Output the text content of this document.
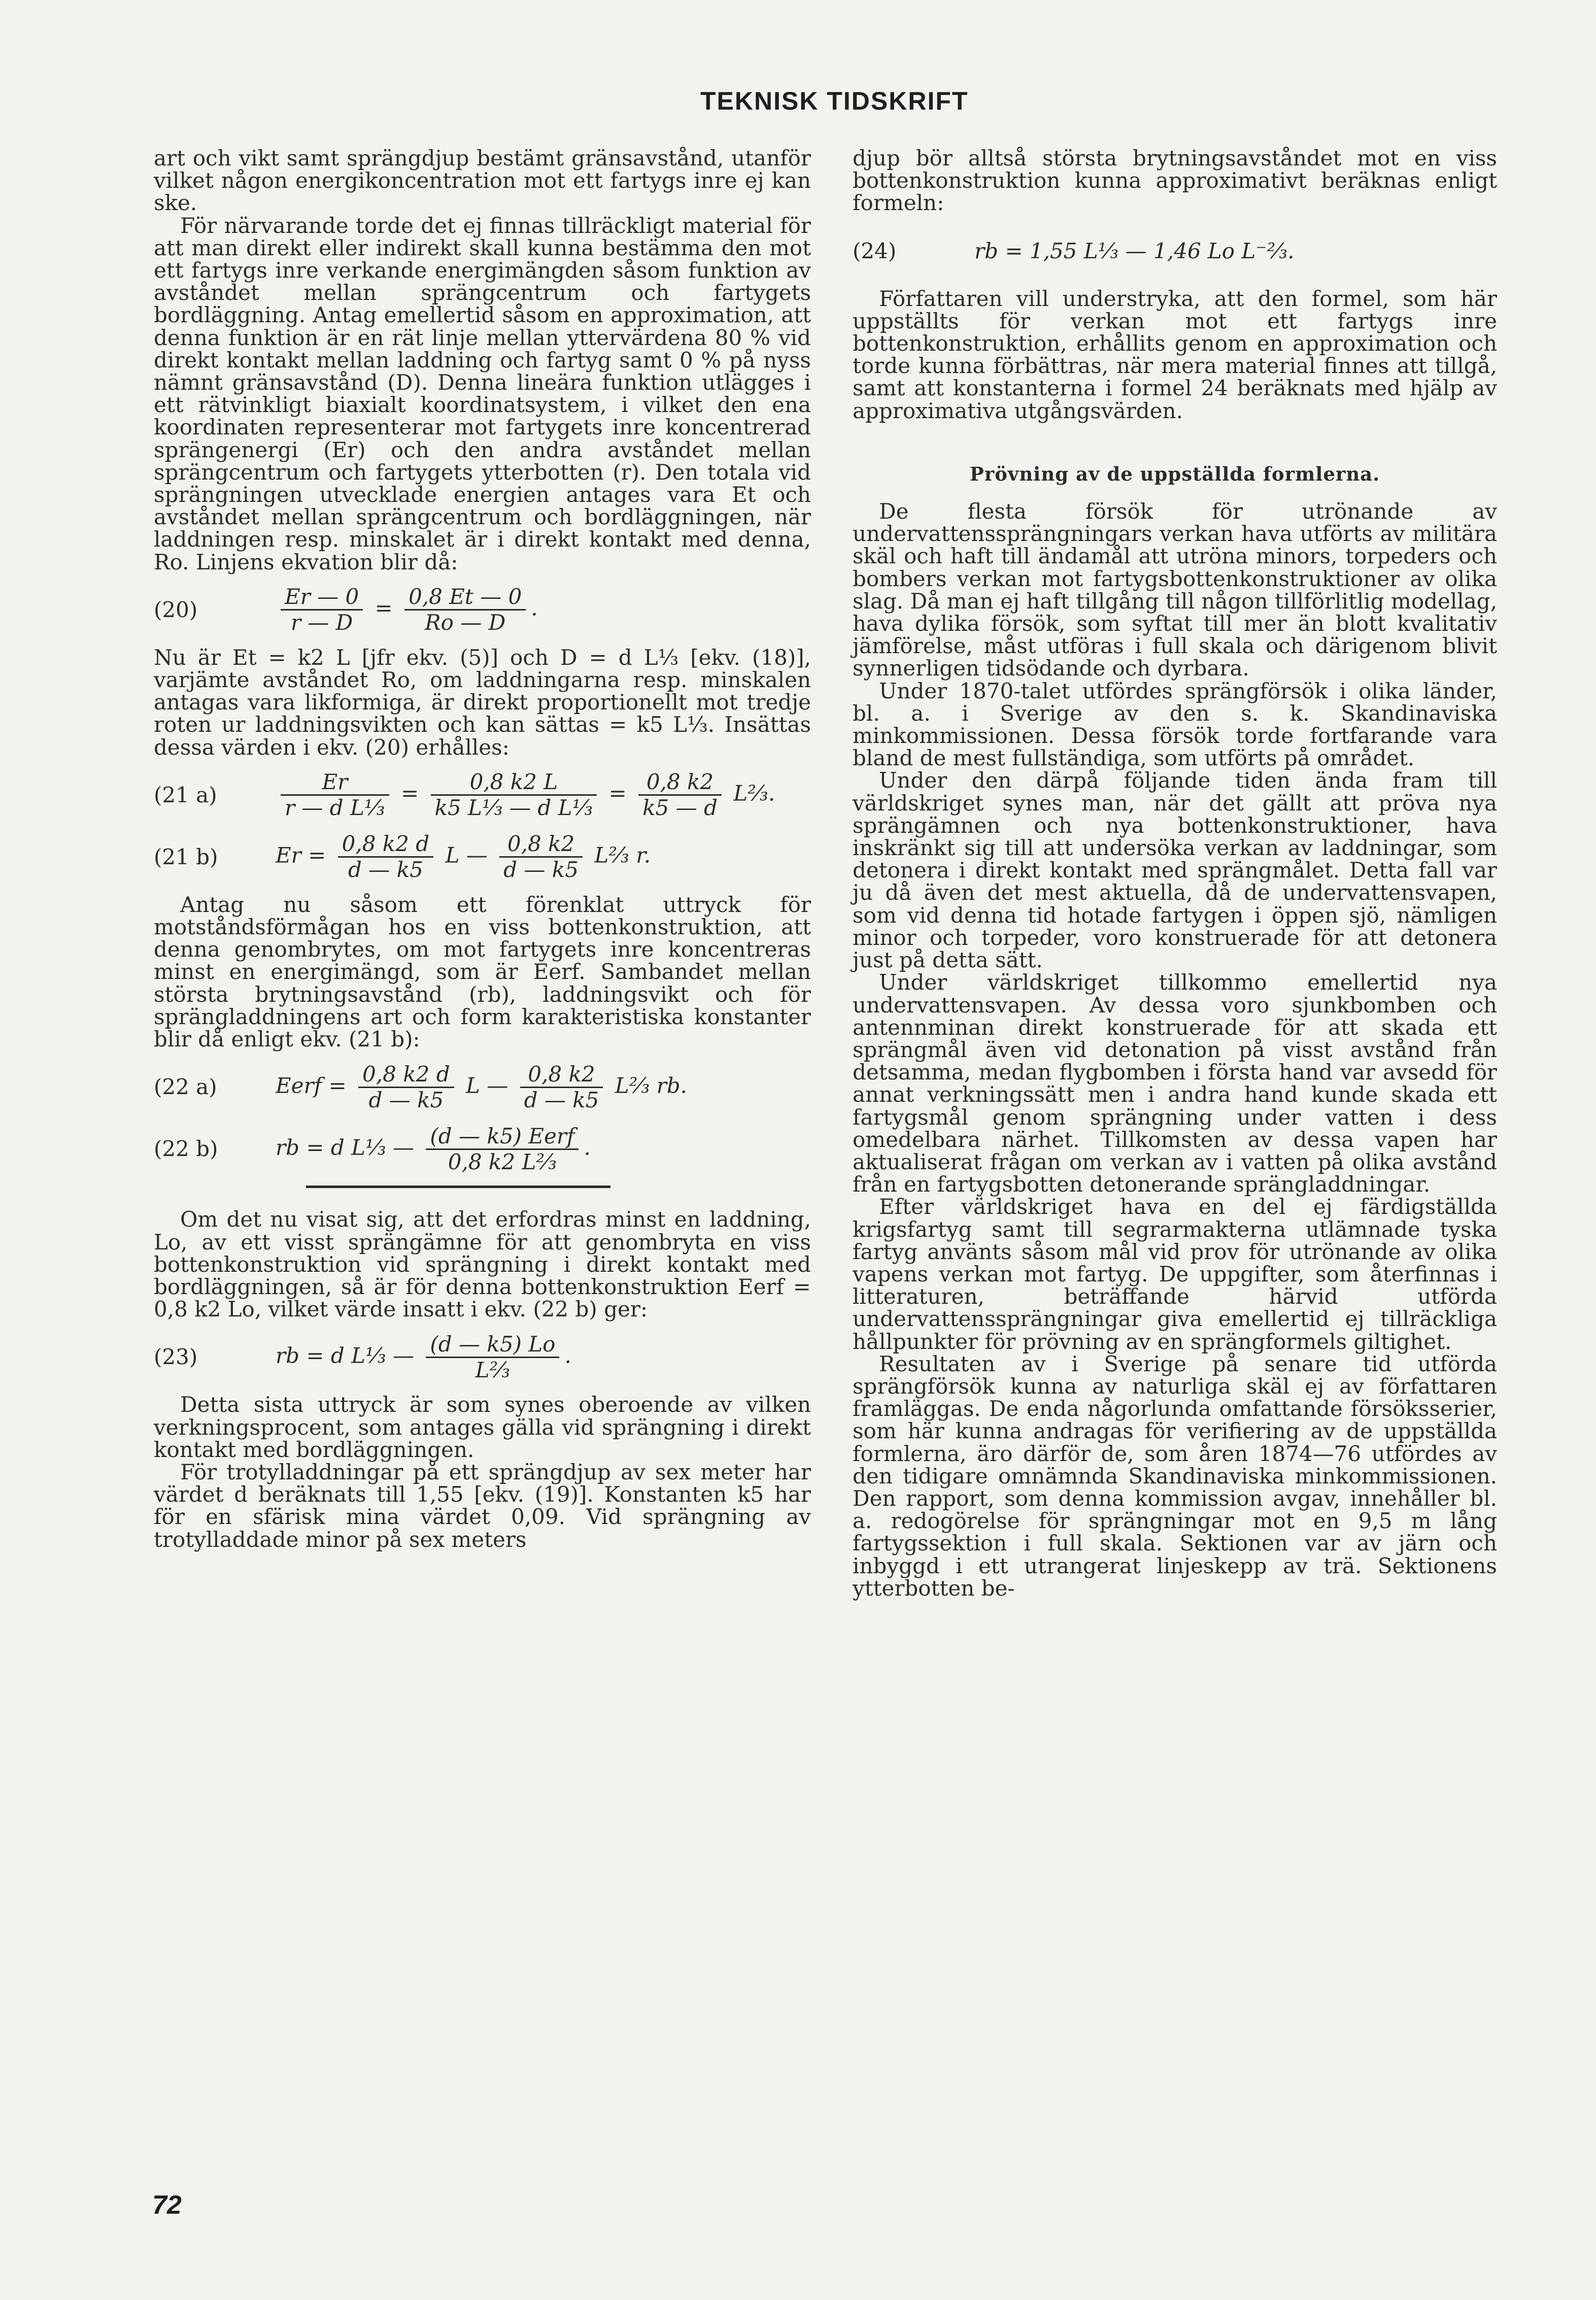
TEKNISK TIDSKRIFT

art och vikt samt sprängdjup bestämt gränsavstånd, utanför vilket någon energikoncentration mot ett fartygs inre ej kan ske.

För närvarande torde det ej finnas tillräckligt material för att man direkt eller indirekt skall kunna bestämma den mot ett fartygs inre verkande energimängden såsom funktion av avståndet mellan sprängcentrum och fartygets bordläggning. Antag emellertid såsom en approximation, att denna funktion är en rät linje mellan yttervärdena 80 % vid direkt kontakt mellan laddning och fartyg samt 0 % på nyss nämnt gränsavstånd (D). Denna lineära funktion utlägges i ett rätvinkligt biaxialt koordinatsystem, i vilket den ena koordinaten representerar mot fartygets inre koncentrerad sprängenergi (Er) och den andra avståndet mellan sprängcentrum och fartygets ytterbotten (r). Den totala vid sprängningen utvecklade energien antages vara Et och avståndet mellan sprängcentrum och bordläggningen, när laddningen resp. minskalet är i direkt kontakt med denna, Ro. Linjens ekvation blir då:

(20)	$\frac{Er — 0}{r — D} = \frac{0,8 Et — 0}{Ro — D}$ .

Nu är Et = k2 L [jfr ekv. (5)] och D = d L⅓ [ekv. (18)], varjämte avståndet Ro, om laddningarna resp. minskalen antagas vara likformiga, är direkt proportionellt mot tredje roten ur laddningsvikten och kan sättas = k5 L⅓. Insättas dessa värden i ekv. (20) erhålles:

(21 a)	$\frac{Er}{\text{r — d L⅓}} = \frac{0,8 k2 L}{\text{k5 L⅓ — d L⅓}} = \frac{0,8 k2}{k5 — d}$ L⅔.
(21 b)	$Er = \frac{0,8 k2 d}{d — k5}$ L — $\frac{0,8 k2}{d — k5}$ L⅔ r.

Antag nu såsom ett förenklat uttryck för motståndsförmågan hos en viss bottenkonstruktion, att denna genombrytes, om mot fartygets inre koncentreras minst en energimängd, som är Eerf. Sambandet mellan största brytningsavstånd (rb), laddningsvikt och för sprängladdningens art och form karakteristiska konstanter blir då enligt ekv. (21 b):

(22 a)	Eerf = $\frac{0,8 k2 d}{d — k5}$ L — $\frac{0,8 k2}{d — k5}$ L⅔ rb.
(22 b)	rb = d L⅓ — $\frac{\text{(d — k5) Eerf}}{\text{0,8 k2 L⅔}}$ .

Om det nu visat sig, att det erfordras minst en laddning, Lo, av ett visst sprängämne för att genombryta en viss bottenkonstruktion vid sprängning i direkt kontakt med bordläggningen, så är för denna bottenkonstruktion Eerf = 0,8 k2 Lo, vilket värde insatt i ekv. (22 b) ger:

(23)	rb = d L⅓ — $\frac{(d — k5) Lo}{\text{L⅔}}$ .

Detta sista uttryck är som synes oberoende av vilken verkningsprocent, som antages gälla vid sprängning i direkt kontakt med bordläggningen.

För trotylladdningar på ett sprängdjup av sex meter har värdet d beräknats till 1,55 [ekv. (19)]. Konstanten k5 har för en sfärisk mina värdet 0,09. Vid sprängning av trotylladdade minor på sex meters

djup bör alltså största brytningsavståndet mot en viss bottenkonstruktion kunna approximativt beräknas enligt formeln:

(24)	rb = 1,55 L⅓ — 1,46 Lo L⁻⅔.

Författaren vill understryka, att den formel, som här uppställts för verkan mot ett fartygs inre bottenkonstruktion, erhållits genom en approximation och torde kunna förbättras, när mera material finnes att tillgå, samt att konstanterna i formel 24 beräknats med hjälp av approximativa utgångsvärden.

Prövning av de uppställda formlerna.

De flesta försök för utrönande av undervattenssprängningars verkan hava utförts av militära skäl och haft till ändamål att utröna minors, torpeders och bombers verkan mot fartygsbottenkonstruktioner av olika slag. Då man ej haft tillgång till någon tillförlitlig modellag, hava dylika försök, som syftat till mer än blott kvalitativ jämförelse, måst utföras i full skala och därigenom blivit synnerligen tidsödande och dyrbara.

Under 1870-talet utfördes sprängförsök i olika länder, bl. a. i Sverige av den s. k. Skandinaviska minkommissionen. Dessa försök torde fortfarande vara bland de mest fullständiga, som utförts på området.

Under den därpå följande tiden ända fram till världskriget synes man, när det gällt att pröva nya sprängämnen och nya bottenkonstruktioner, hava inskränkt sig till att undersöka verkan av laddningar, som detonera i direkt kontakt med sprängmålet. Detta fall var ju då även det mest aktuella, då de undervattensvapen, som vid denna tid hotade fartygen i öppen sjö, nämligen minor och torpeder, voro konstruerade för att detonera just på detta sätt.

Under världskriget tillkommo emellertid nya undervattensvapen. Av dessa voro sjunkbomben och antennminan direkt konstruerade för att skada ett sprängmål även vid detonation på visst avstånd från detsamma, medan flygbomben i första hand var avsedd för annat verkningssätt men i andra hand kunde skada ett fartygsmål genom sprängning under vatten i dess omedelbara närhet. Tillkomsten av dessa vapen har aktualiserat frågan om verkan av i vatten på olika avstånd från en fartygsbotten detonerande sprängladdningar.

Efter världskriget hava en del ej färdigställda krigsfartyg samt till segrarmakterna utlämnade tyska fartyg använts såsom mål vid prov för utrönande av olika vapens verkan mot fartyg. De uppgifter, som återfinnas i litteraturen, beträffande härvid utförda undervattenssprängningar giva emellertid ej tillräckliga hållpunkter för prövning av en sprängformels giltighet.

Resultaten av i Sverige på senare tid utförda sprängförsök kunna av naturliga skäl ej av författaren framläggas. De enda någorlunda omfattande försöksserier, som här kunna andragas för verifiering av de uppställda formlerna, äro därför de, som åren 1874—76 utfördes av den tidigare omnämnda Skandinaviska minkommissionen. Den rapport, som denna kommission avgav, innehåller bl. a. redogörelse för sprängningar mot en 9,5 m lång fartygssektion i full skala. Sektionen var av järn och inbyggd i ett utrangerat linjeskepp av trä. Sektionens ytterbotten be-

72
